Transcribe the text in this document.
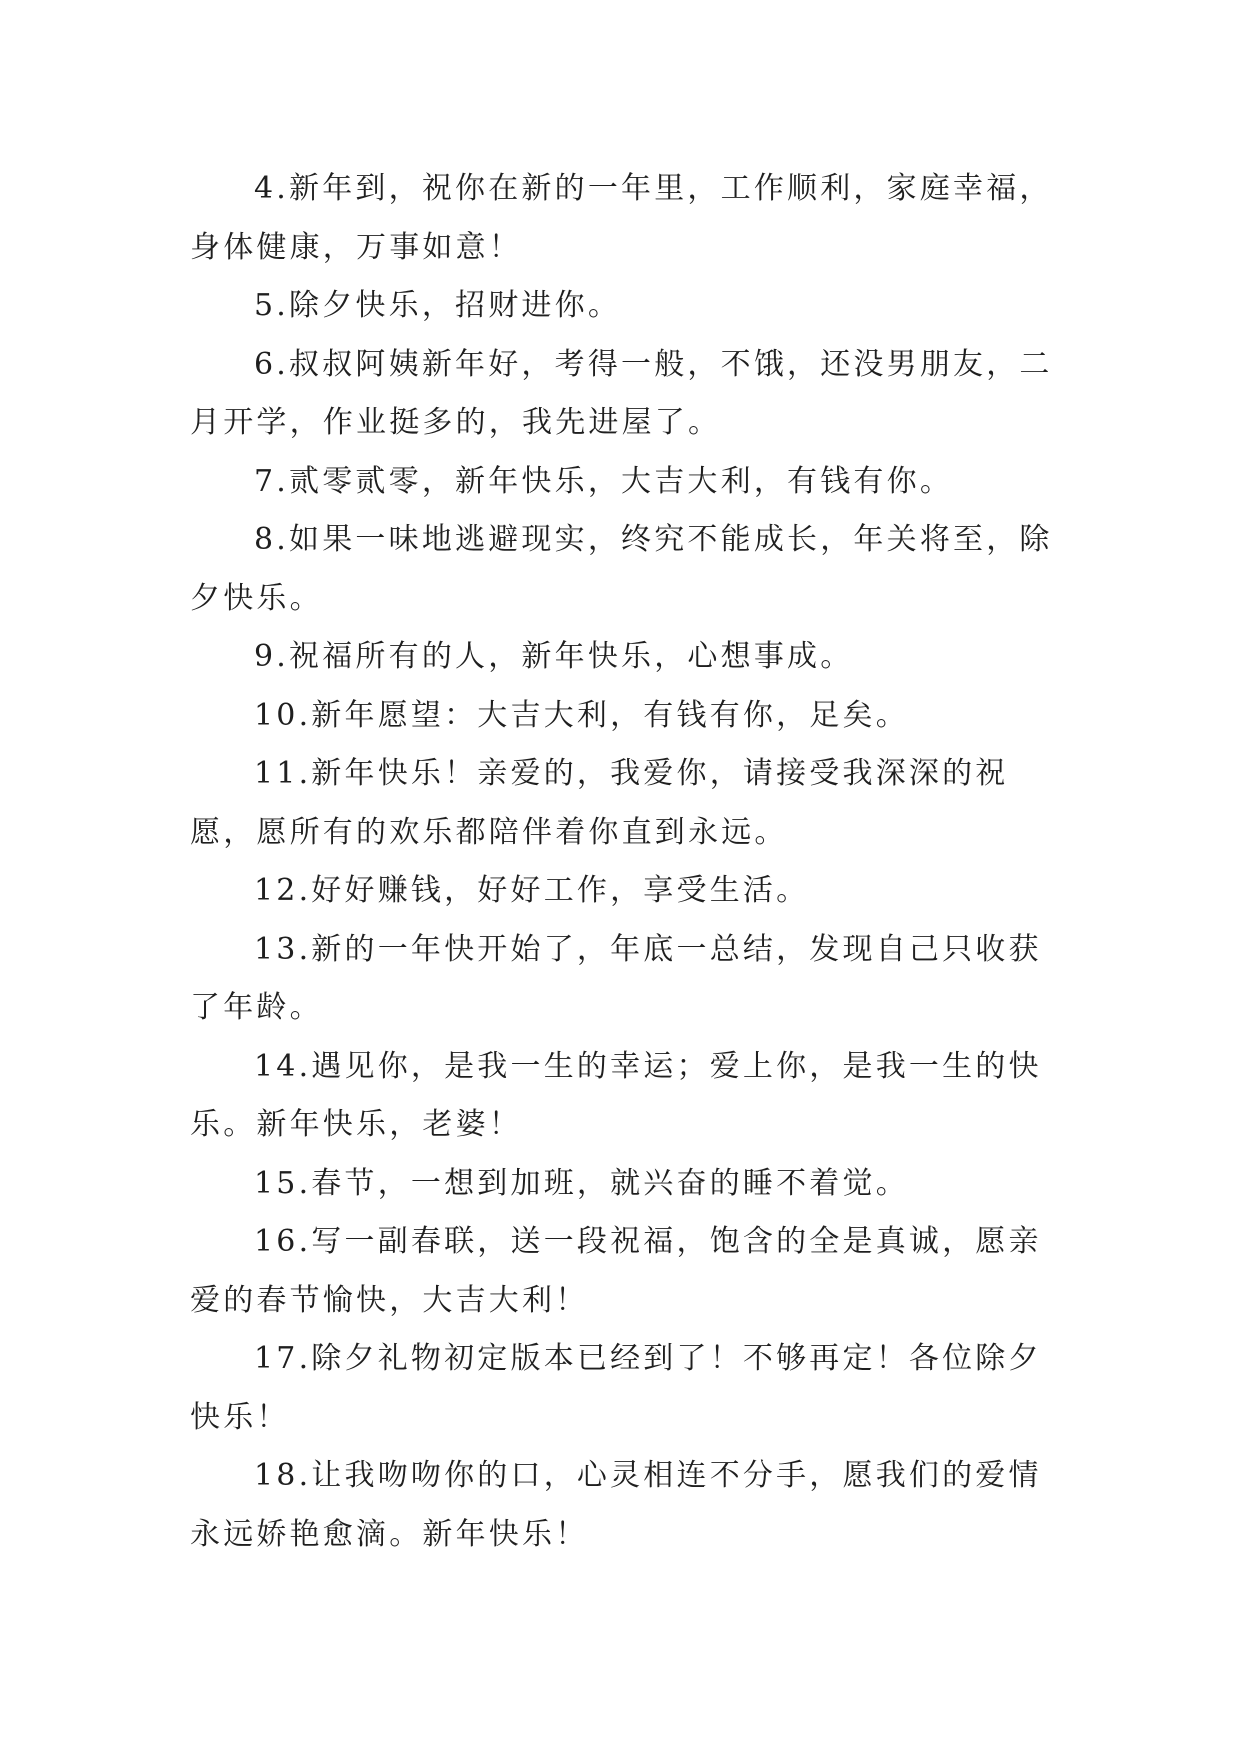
4.新年到，祝你在新的一年里，工作顺利，家庭幸福，身体健康，万事如意！

5.除夕快乐，招财进你。

6.叔叔阿姨新年好，考得一般，不饿，还没男朋友，二月开学，作业挺多的，我先进屋了。

7.贰零贰零，新年快乐，大吉大利，有钱有你。

8.如果一味地逃避现实，终究不能成长，年关将至，除夕快乐。

9.祝福所有的人，新年快乐，心想事成。

10.新年愿望：大吉大利，有钱有你，足矣。

11.新年快乐！亲爱的，我爱你，请接受我深深的祝愿，愿所有的欢乐都陪伴着你直到永远。

12.好好赚钱，好好工作，享受生活。

13.新的一年快开始了，年底一总结，发现自己只收获了年龄。

14.遇见你，是我一生的幸运；爱上你，是我一生的快乐。新年快乐，老婆！

15.春节，一想到加班，就兴奋的睡不着觉。

16.写一副春联，送一段祝福，饱含的全是真诚，愿亲爱的春节愉快，大吉大利！

17.除夕礼物初定版本已经到了！不够再定！各位除夕快乐！

18.让我吻吻你的口，心灵相连不分手，愿我们的爱情永远娇艳愈滴。新年快乐！
